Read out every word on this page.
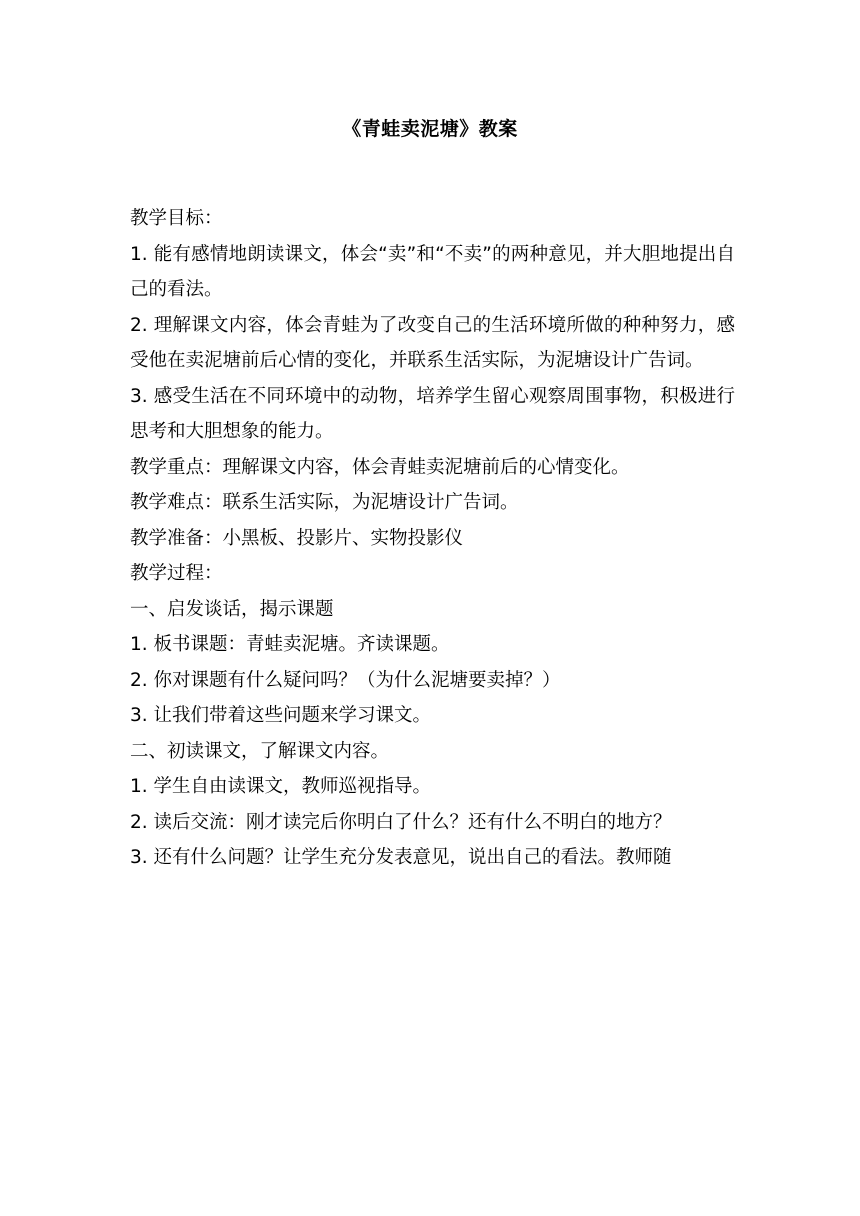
《青蛙卖泥塘》教案

教学目标：

1. 能有感情地朗读课文，体会“卖”和“不卖”的两种意见，并大胆地提出自己的看法。

2. 理解课文内容，体会青蛙为了改变自己的生活环境所做的种种努力，感受他在卖泥塘前后心情的变化，并联系生活实际，为泥塘设计广告词。

3. 感受生活在不同环境中的动物，培养学生留心观察周围事物，积极进行思考和大胆想象的能力。

教学重点：理解课文内容，体会青蛙卖泥塘前后的心情变化。

教学难点：联系生活实际，为泥塘设计广告词。

教学准备：小黑板、投影片、实物投影仪

教学过程：

一、启发谈话，揭示课题

1. 板书课题：青蛙卖泥塘。齐读课题。

2. 你对课题有什么疑问吗？（为什么泥塘要卖掉？）

3. 让我们带着这些问题来学习课文。

二、初读课文，了解课文内容。

1. 学生自由读课文，教师巡视指导。

2. 读后交流：刚才读完后你明白了什么？还有什么不明白的地方？

3. 还有什么问题？让学生充分发表意见，说出自己的看法。教师随
